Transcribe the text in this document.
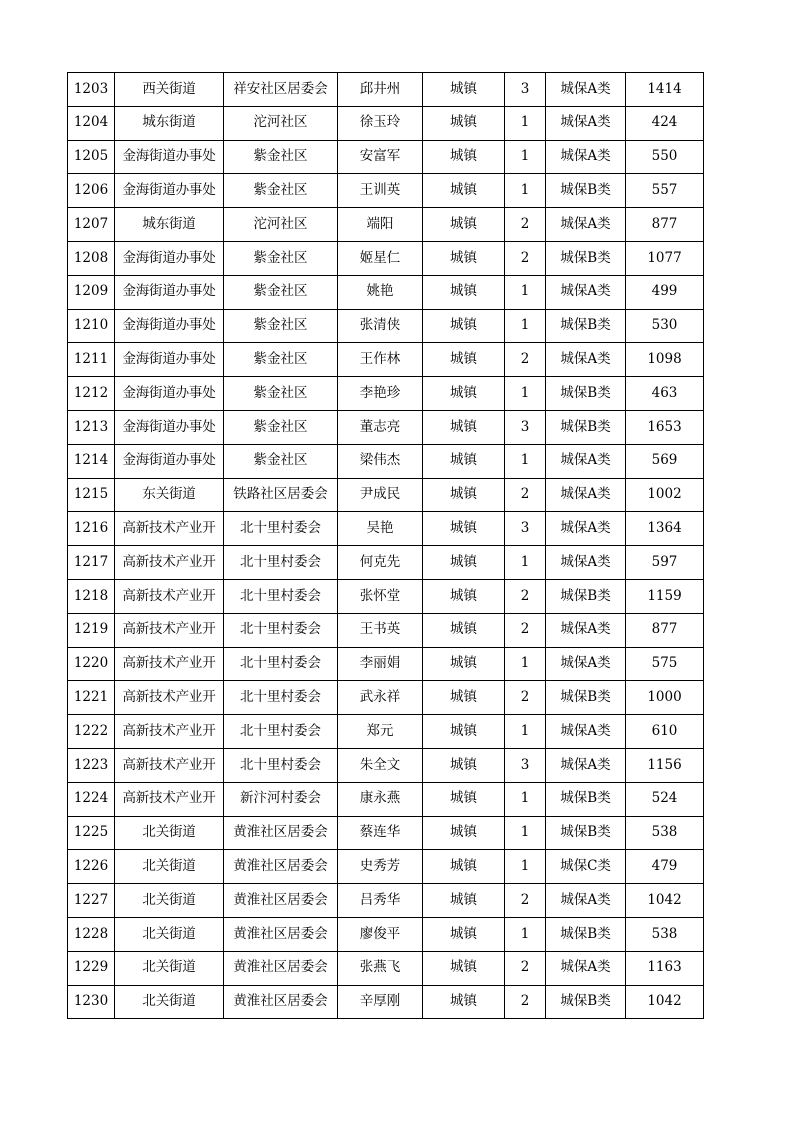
1203	西关街道	祥安社区居委会	邱井州	城镇	3	城保A类	1414
1204	城东街道	沱河社区	徐玉玲	城镇	1	城保A类	424
1205	金海街道办事处	紫金社区	安富军	城镇	1	城保A类	550
1206	金海街道办事处	紫金社区	王训英	城镇	1	城保B类	557
1207	城东街道	沱河社区	端阳	城镇	2	城保A类	877
1208	金海街道办事处	紫金社区	姬星仁	城镇	2	城保B类	1077
1209	金海街道办事处	紫金社区	姚艳	城镇	1	城保A类	499
1210	金海街道办事处	紫金社区	张清侠	城镇	1	城保B类	530
1211	金海街道办事处	紫金社区	王作林	城镇	2	城保A类	1098
1212	金海街道办事处	紫金社区	李艳珍	城镇	1	城保B类	463
1213	金海街道办事处	紫金社区	董志亮	城镇	3	城保B类	1653
1214	金海街道办事处	紫金社区	梁伟杰	城镇	1	城保A类	569
1215	东关街道	铁路社区居委会	尹成民	城镇	2	城保A类	1002
1216	高新技术产业开	北十里村委会	吴艳	城镇	3	城保A类	1364
1217	高新技术产业开	北十里村委会	何克先	城镇	1	城保A类	597
1218	高新技术产业开	北十里村委会	张怀堂	城镇	2	城保B类	1159
1219	高新技术产业开	北十里村委会	王书英	城镇	2	城保A类	877
1220	高新技术产业开	北十里村委会	李丽娟	城镇	1	城保A类	575
1221	高新技术产业开	北十里村委会	武永祥	城镇	2	城保B类	1000
1222	高新技术产业开	北十里村委会	郑元	城镇	1	城保A类	610
1223	高新技术产业开	北十里村委会	朱全文	城镇	3	城保A类	1156
1224	高新技术产业开	新汴河村委会	康永燕	城镇	1	城保B类	524
1225	北关街道	黄淮社区居委会	蔡连华	城镇	1	城保B类	538
1226	北关街道	黄淮社区居委会	史秀芳	城镇	1	城保C类	479
1227	北关街道	黄淮社区居委会	吕秀华	城镇	2	城保A类	1042
1228	北关街道	黄淮社区居委会	廖俊平	城镇	1	城保B类	538
1229	北关街道	黄淮社区居委会	张燕飞	城镇	2	城保A类	1163
1230	北关街道	黄淮社区居委会	辛厚刚	城镇	2	城保B类	1042
